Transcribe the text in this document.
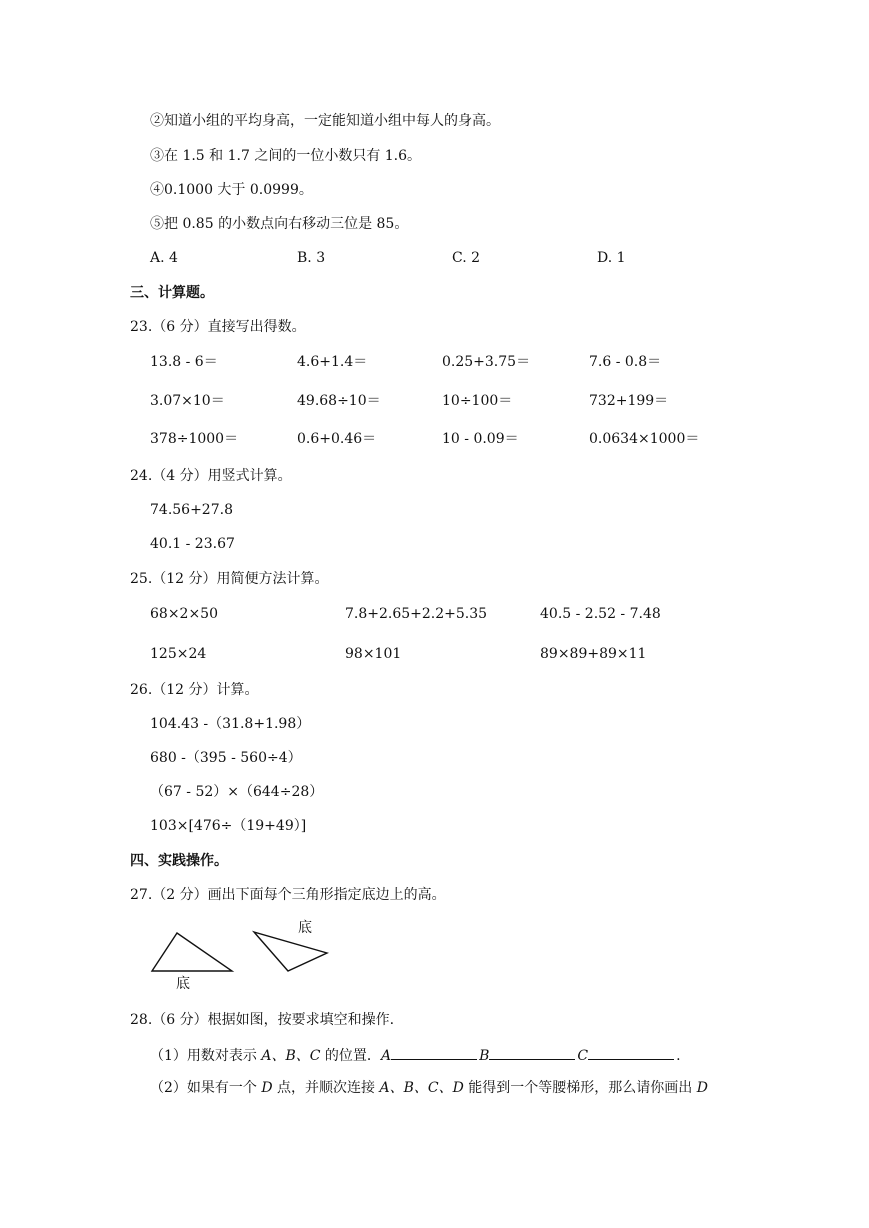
②知道小组的平均身高，一定能知道小组中每人的身高。
③在 1.5 和 1.7 之间的一位小数只有 1.6。
④0.1000 大于 0.0999。
⑤把 0.85 的小数点向右移动三位是 85。
A. 4	B. 3	C. 2	D. 1
三、计算题。
23.（6 分）直接写出得数。
13.8 - 6＝	4.6+1.4＝	0.25+3.75＝	7.6 - 0.8＝
3.07×10＝	49.68÷10＝	10÷100＝	732+199＝
378÷1000＝	0.6+0.46＝	10 - 0.09＝	0.0634×1000＝
24.（4 分）用竖式计算。
74.56+27.8
40.1 - 23.67
25.（12 分）用简便方法计算。
68×2×50	7.8+2.65+2.2+5.35	40.5 - 2.52 - 7.48
125×24	98×101	89×89+89×11
26.（12 分）计算。
104.43 -（31.8+1.98）
680 -（395 - 560÷4）
（67 - 52）×（644÷28）
103×[476÷（19+49）]
四、实践操作。
27.（2 分）画出下面每个三角形指定底边上的高。
底
底
28.（6 分）根据如图，按要求填空和操作.
（1）用数对表示 A、B、C 的位置．A	B	C	.
（2）如果有一个 D 点，并顺次连接 A、B、C、D 能得到一个等腰梯形，那么请你画出 D
